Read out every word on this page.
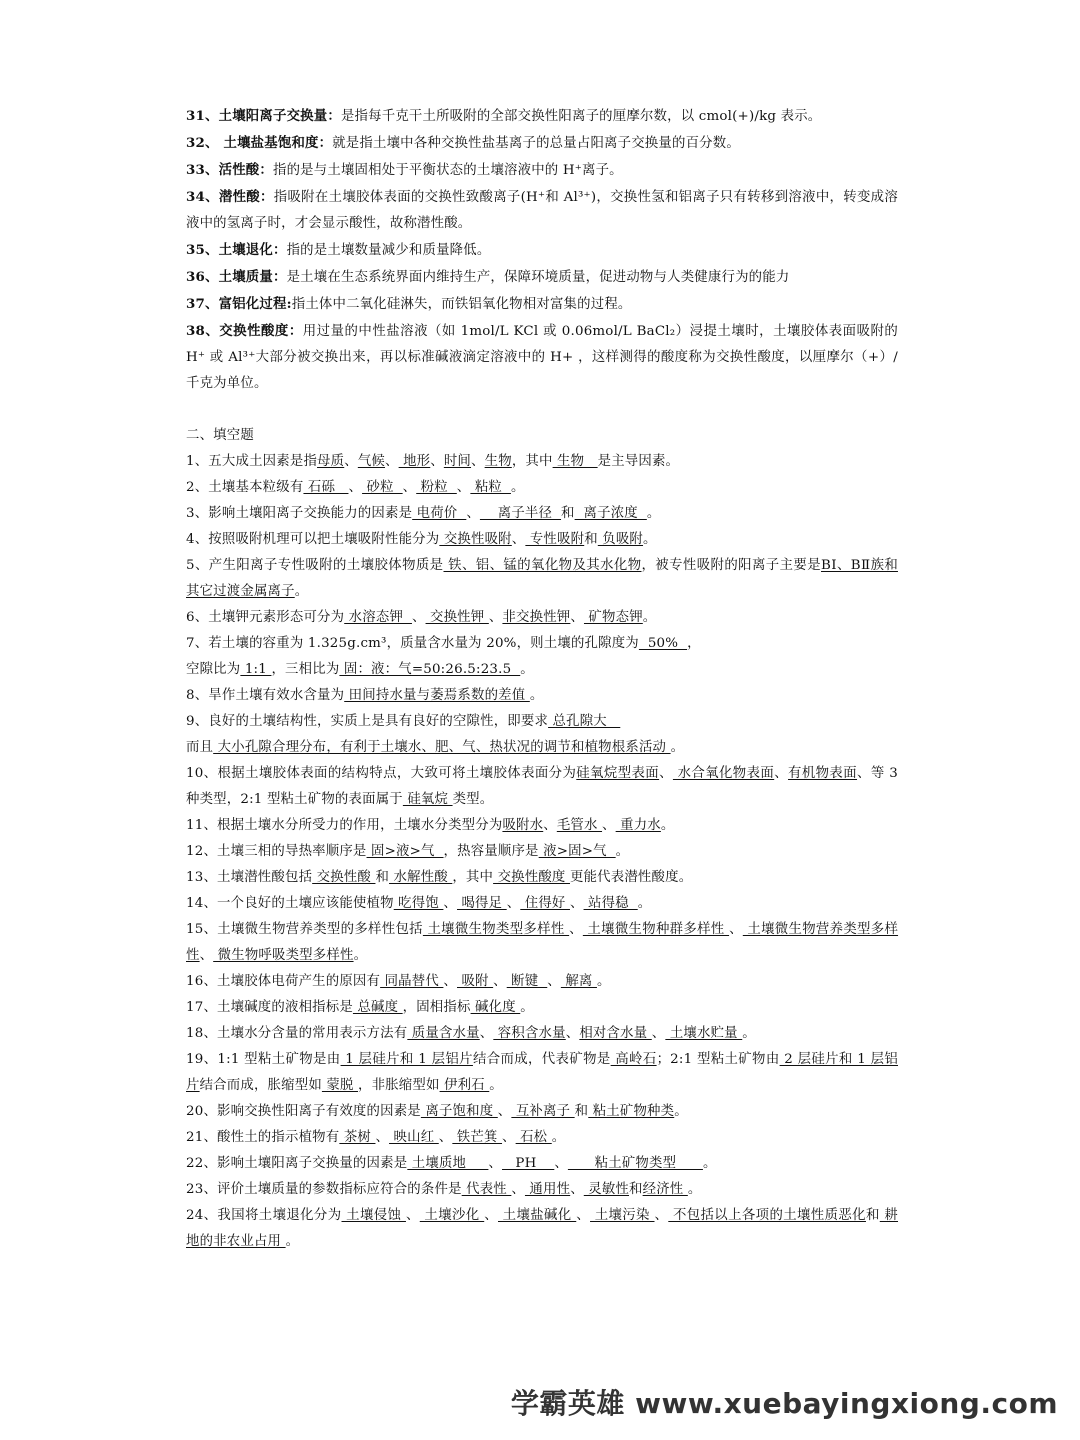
31、土壤阳离子交换量：是指每千克干土所吸附的全部交换性阳离子的厘摩尔数，以 cmol(+)/kg 表示。

32、 土壤盐基饱和度：就是指土壤中各种交换性盐基离子的总量占阳离子交换量的百分数。

33、活性酸：指的是与土壤固相处于平衡状态的土壤溶液中的 H⁺离子。

34、潜性酸：指吸附在土壤胶体表面的交换性致酸离子(H⁺和 Al³⁺)，交换性氢和铝离子只有转移到溶液中，转变成溶液中的氢离子时，才会显示酸性，故称潜性酸。

35、土壤退化：指的是土壤数量减少和质量降低。

36、土壤质量：是土壤在生态系统界面内维持生产，保障环境质量，促进动物与人类健康行为的能力

37、富铝化过程:指土体中二氧化硅淋失，而铁铝氧化物相对富集的过程。

38、交换性酸度：用过量的中性盐溶液（如 1mol/L KCl 或 0.06mol/L BaCl₂）浸提土壤时，土壤胶体表面吸附的 H⁺ 或 Al³⁺大部分被交换出来，再以标准碱液滴定溶液中的 H+ ，这样测得的酸度称为交换性酸度，以厘摩尔（+）/千克为单位。

二、填空题

1、五大成土因素是指母质、气候、 地形、时间、生物，其中 生物   是主导因素。

2、土壤基本粒级有 石砾   、 砂粒  、 粉粒  、 粘粒  。

3、影响土壤阳离子交换能力的因素是 电荷价  、    离子半径  和  离子浓度  。

4、按照吸附机理可以把土壤吸附性能分为 交换性吸附、 专性吸附和 负吸附。

5、产生阳离子专性吸附的土壤胶体物质是 铁、铝、锰的氧化物及其水化物，被专性吸附的阳离子主要是BⅠ、BⅡ族和其它过渡金属离子。

6、土壤钾元素形态可分为 水溶态钾  、 交换性钾 、非交换性钾、 矿物态钾。

7、若土壤的容重为 1.325g.cm³，质量含水量为 20%，则土壤的孔隙度为  50%  ，
空隙比为 1:1 ，三相比为 固：液：气=50:26.5:23.5  。

8、旱作土壤有效水含量为 田间持水量与萎焉系数的差值 。

9、良好的土壤结构性，实质上是具有良好的空隙性，即要求 总孔隙大
而且 大小孔隙合理分布，有利于土壤水、肥、气、热状况的调节和植物根系活动 。

10、根据土壤胶体表面的结构特点，大致可将土壤胶体表面分为硅氧烷型表面、 水合氧化物表面、有机物表面、等 3 种类型，2:1 型粘土矿物的表面属于 硅氧烷 类型。

11、根据土壤水分所受力的作用，土壤水分类型分为吸附水、毛管水 、 重力水。

12、土壤三相的导热率顺序是 固>液>气  ，热容量顺序是 液>固>气  。

13、土壤潜性酸包括 交换性酸 和 水解性酸 ，其中 交换性酸度 更能代表潜性酸度。

14、一个良好的土壤应该能使植物 吃得饱 、 喝得足 、 住得好 、 站得稳  。

15、土壤微生物营养类型的多样性包括 土壤微生物类型多样性 、 土壤微生物种群多样性 、 土壤微生物营养类型多样性、 微生物呼吸类型多样性。

16、土壤胶体电荷产生的原因有 同晶替代 、 吸附 、 断键  、 解离 。

17、土壤碱度的液相指标是 总碱度 ，固相指标 碱化度 。

18、土壤水分含量的常用表示方法有 质量含水量、 容积含水量、相对含水量 、 土壤水贮量 。

19、1:1 型粘土矿物是由 1 层硅片和 1 层铝片结合而成，代表矿物是 高岭石；2:1 型粘土矿物由 2 层硅片和 1 层铝片结合而成，胀缩型如 蒙脱 ，非胀缩型如 伊利石 。

20、影响交换性阳离子有效度的因素是 离子饱和度 、 互补离子 和 粘土矿物种类。

21、酸性土的指示植物有 茶树 、 映山红 、 铁芒箕 、 石松 。

22、影响土壤阳离子交换量的因素是 土壤质地     、   PH    、      粘土矿物类型      。

23、评价土壤质量的参数指标应符合的条件是 代表性 、 通用性、 灵敏性和经济性 。

24、我国将土壤退化分为 土壤侵蚀 、 土壤沙化 、 土壤盐碱化 、 土壤污染 、 不包括以上各项的土壤性质恶化和 耕地的非农业占用 。

学霸英雄 www.xuebayingxiong.com
